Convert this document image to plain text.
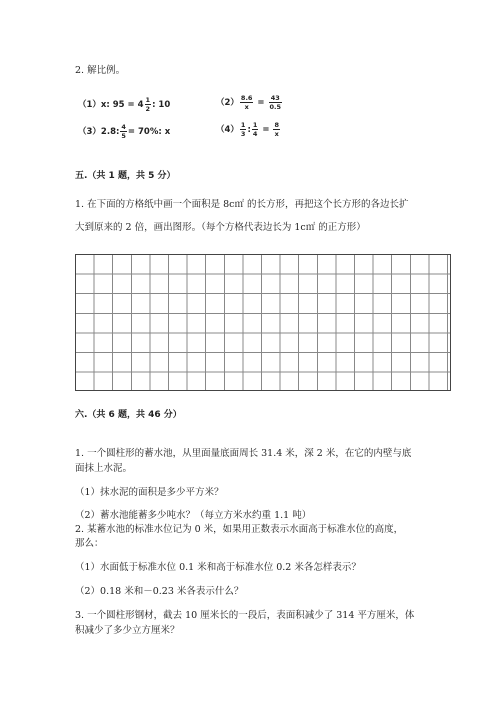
2. 解比例。
（1）x: $95 = 4 \frac{1}{2}$ : 10	$(2) \frac{8.6}{x} = \frac{43}{0.5}$
（3）2.8: $\frac{4}{5} = 70\%$: x	$(4) \frac{1}{3}$ : $\frac{1}{4} = \frac{8}{x}$
五.（共 1 题，共 5 分）
1. 在下面的方格纸中画一个面积是 8c㎡ 的长方形，再把这个长方形的各边长扩
大到原来的 2 倍，画出图形。（每个方格代表边长为 1c㎡ 的正方形）
六.（共 6 题，共 46 分）
1. 一个圆柱形的蓄水池，从里面量底面周长 31.4 米，深 2 米，在它的内壁与底
面抹上水泥。
（1）抹水泥的面积是多少平方米？
（2）蓄水池能蓄多少吨水？（每立方米水约重 1.1 吨）
2. 某蓄水池的标准水位记为 0 米，如果用正数表示水面高于标准水位的高度，
那么：
（1）水面低于标准水位 0.1 米和高于标准水位 0.2 米各怎样表示？
（2）0.18 米和－0.23 米各表示什么？
3. 一个圆柱形钢材，截去 10 厘米长的一段后，表面积减少了 314 平方厘米，体
积减少了多少立方厘米？
